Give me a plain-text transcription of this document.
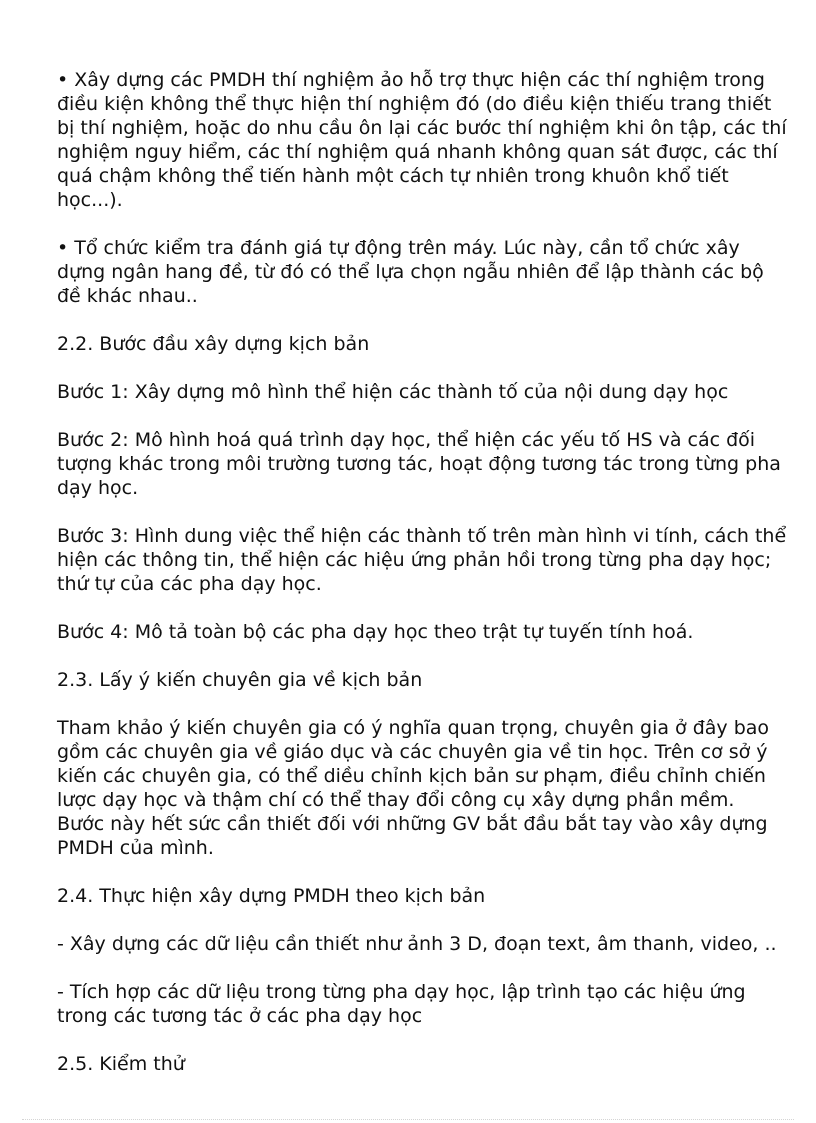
• Xây dựng các PMDH thí nghiệm ảo hỗ trợ thực hiện các thí nghiệm trong điều kiện không thể thực hiện thí nghiệm đó (do điều kiện thiếu trang thiết bị thí nghiệm, hoặc do nhu cầu ôn lại các bước thí nghiệm khi ôn tập, các thí nghiệm nguy hiểm, các thí nghiệm quá nhanh không quan sát được, các thí quá chậm không thể tiến hành một cách tự nhiên trong khuôn khổ tiết học...).

• Tổ chức kiểm tra đánh giá tự động trên máy. Lúc này, cần tổ chức xây dựng ngân hang đề, từ đó có thể lựa chọn ngẫu nhiên để lập thành các bộ đề khác nhau..

2.2. Bước đầu xây dựng kịch bản

Bước 1: Xây dựng mô hình thể hiện các thành tố của nội dung dạy học

Bước 2: Mô hình hoá quá trình dạy học, thể hiện các yếu tố HS và các đối tượng khác trong môi trường tương tác, hoạt động tương tác trong từng pha dạy học.

Bước 3: Hình dung việc thể hiện các thành tố trên màn hình vi tính, cách thể hiện các thông tin, thể hiện các hiệu ứng phản hồi trong từng pha dạy học; thứ tự của các pha dạy học.

Bước 4: Mô tả toàn bộ các pha dạy học theo trật tự tuyến tính hoá.

2.3. Lấy ý kiến chuyên gia về kịch bản

Tham khảo ý kiến chuyên gia có ý nghĩa quan trọng, chuyên gia ở đây bao gồm các chuyên gia về giáo dục và các chuyên gia về tin học. Trên cơ sở ý kiến các chuyên gia, có thể diều chỉnh kịch bản sư phạm, điều chỉnh chiến lược dạy học và thậm chí có thể thay đổi công cụ xây dựng phần mềm. Bước này hết sức cần thiết đối với những GV bắt đầu bắt tay vào xây dựng PMDH của mình.

2.4. Thực hiện xây dựng PMDH theo kịch bản

- Xây dựng các dữ liệu cần thiết như ảnh 3 D, đoạn text, âm thanh, video, ..

- Tích hợp các dữ liệu trong từng pha dạy học, lập trình tạo các hiệu ứng trong các tương tác ở các pha dạy học

2.5. Kiểm thử
